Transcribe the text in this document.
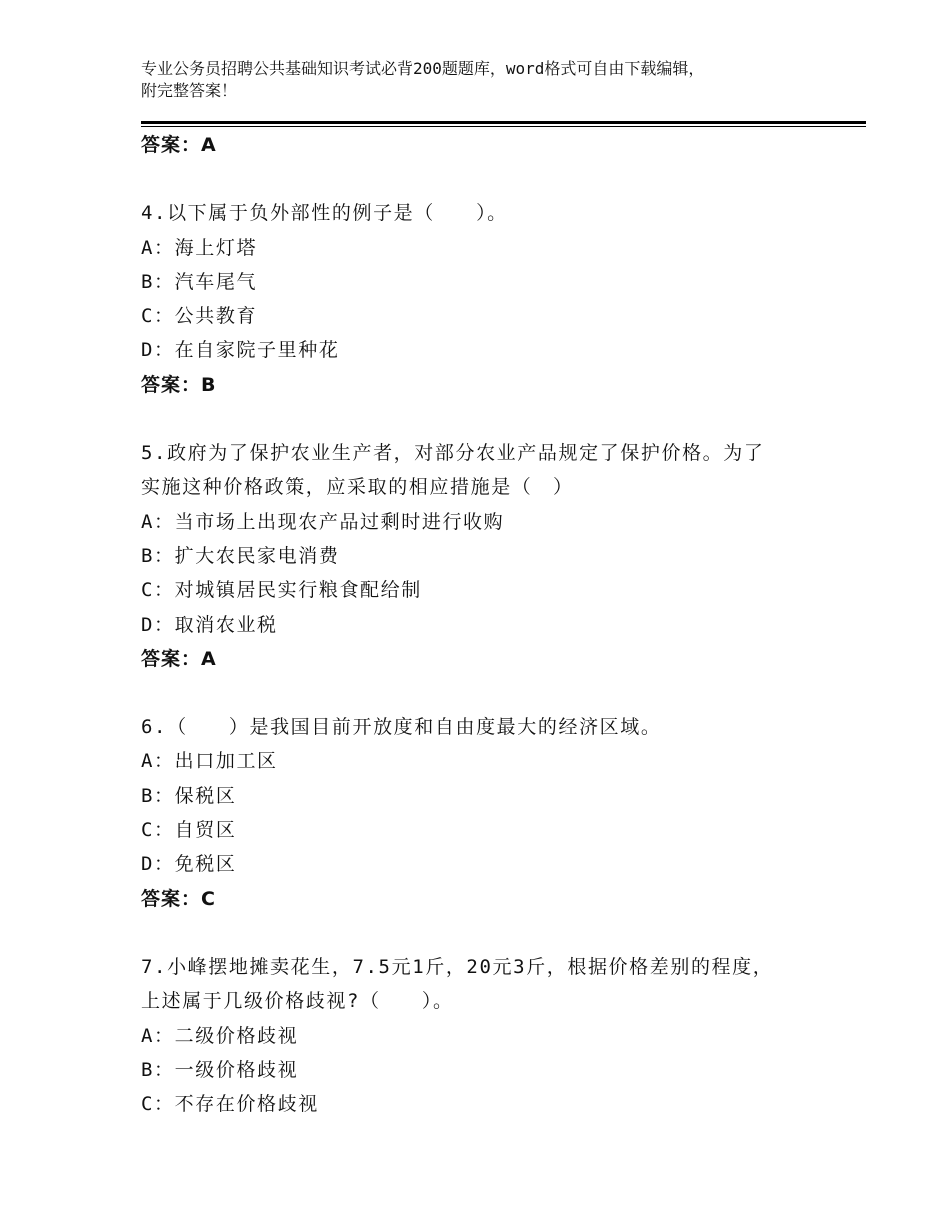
专业公务员招聘公共基础知识考试必背200题题库，word格式可自由下载编辑，
附完整答案！
答案：A
4.以下属于负外部性的例子是（　　）。
A：海上灯塔
B：汽车尾气
C：公共教育
D：在自家院子里种花
答案：B
5.政府为了保护农业生产者，对部分农业产品规定了保护价格。为了
实施这种价格政策，应采取的相应措施是（　）
A：当市场上出现农产品过剩时进行收购
B：扩大农民家电消费
C：对城镇居民实行粮食配给制
D：取消农业税
答案：A
6.（　　）是我国目前开放度和自由度最大的经济区域。
A：出口加工区
B：保税区
C：自贸区
D：免税区
答案：C
7.小峰摆地摊卖花生，7.5元1斤，20元3斤，根据价格差别的程度，
上述属于几级价格歧视?（　　）。
A：二级价格歧视
B：一级价格歧视
C：不存在价格歧视
